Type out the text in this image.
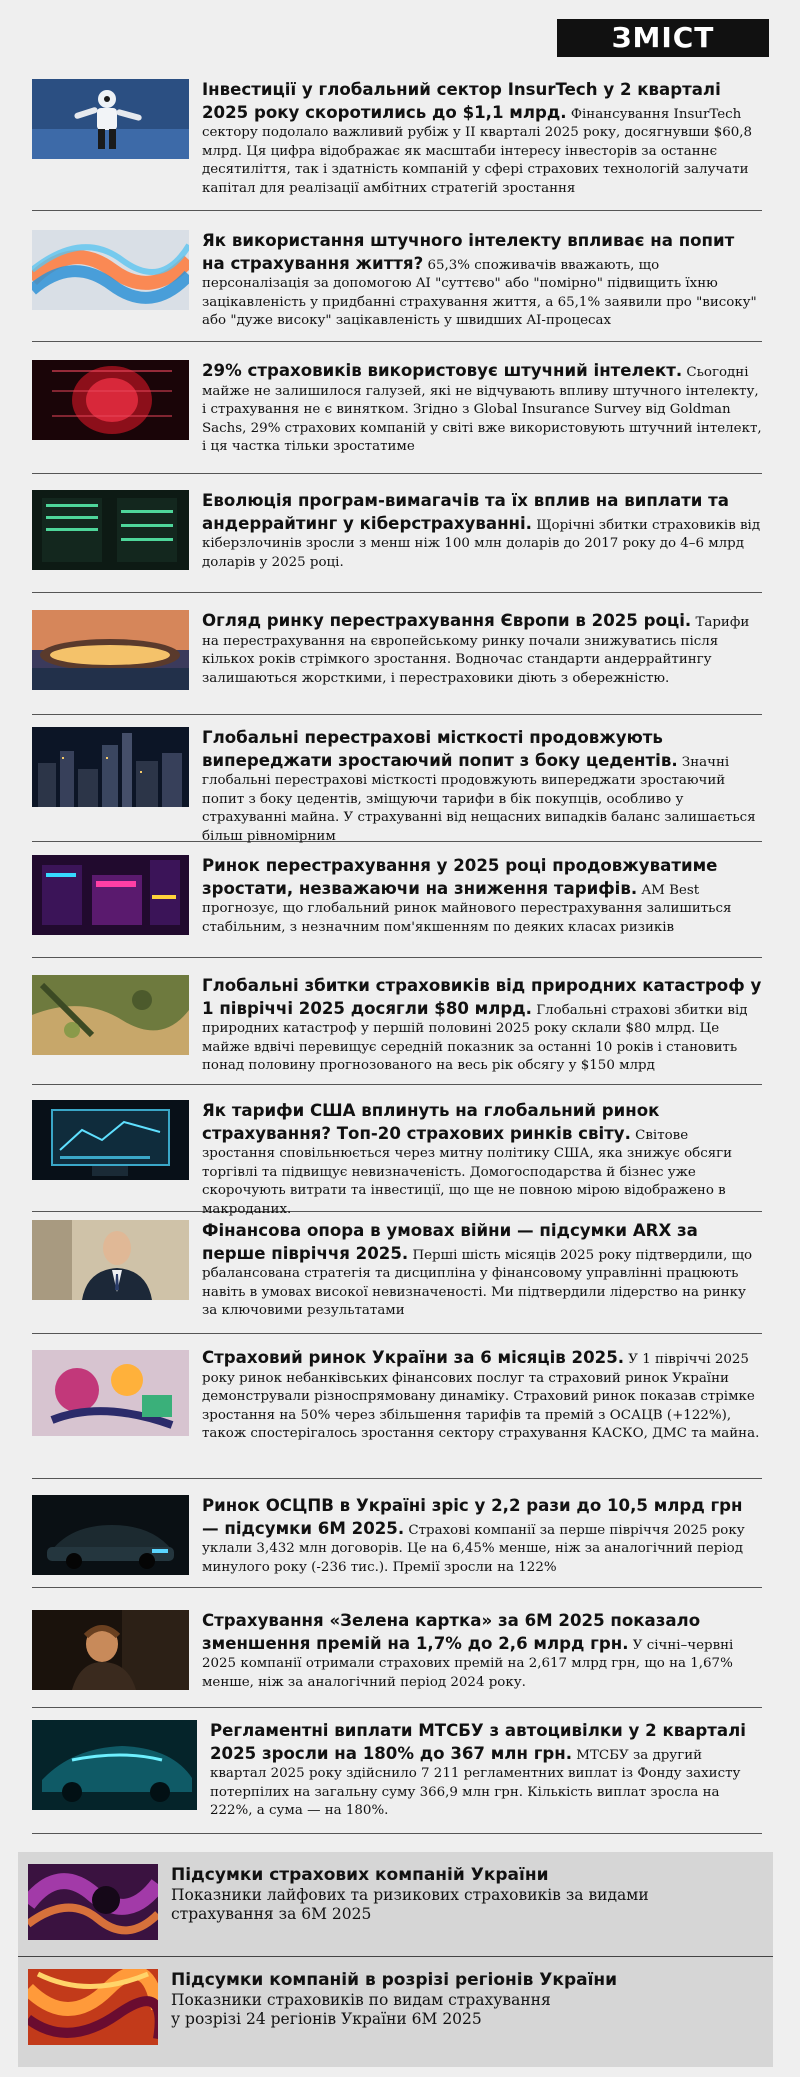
ЗМІСТ
Інвестиції у глобальний сектор InsurTech у 2 кварталі 2025 року скоротились до $1,1 млрд. Фінансування InsurTech сектору подолало важливий рубіж у II кварталі 2025 року, досягнувши $60,8 млрд. Ця цифра відображає як масштаби інтересу інвесторів за останнє десятиліття, так і здатність компаній у сфері страхових технологій залучати капітал для реалізації амбітних стратегій зростання
Як використання штучного інтелекту впливає на попит на страхування життя? 65,3% споживачів вважають, що персоналізація за допомогою AI "суттєво" або "помірно" підвищить їхню зацікавленість у придбанні страхування життя, а 65,1% заявили про "високу" або "дуже високу" зацікавленість у швидших AI-процесах
29% страховиків використовує штучний інтелект. Сьогодні майже не залишилося галузей, які не відчувають впливу штучного інтелекту, і страхування не є винятком. Згідно з Global Insurance Survey від Goldman Sachs, 29% страхових компаній у світі вже використовують штучний інтелект, і ця частка тільки зростатиме
Еволюція програм-вимагачів та їх вплив на виплати та андеррайтинг у кіберстрахуванні. Щорічні збитки страховиків від кіберзлочинів зросли з менш ніж 100 млн доларів до 2017 року до 4–6 млрд доларів у 2025 році.
Огляд ринку перестрахування Європи в 2025 році. Тарифи на перестрахування на європейському ринку почали знижуватись після кількох років стрімкого зростання. Водночас стандарти андеррайтингу залишаються жорсткими, і перестраховики діють з обережністю.
Глобальні перестрахові місткості продовжують випереджати зростаючий попит з боку цедентів. Значні глобальні перестрахові місткості продовжують випереджати зростаючий попит з боку цедентів, зміщуючи тарифи в бік покупців, особливо у страхуванні майна. У страхуванні від нещасних випадків баланс залишається більш рівномірним
Ринок перестрахування у 2025 році продовжуватиме зростати, незважаючи на зниження тарифів. AM Best прогнозує, що глобальний ринок майнового перестрахування залишиться стабільним, з незначним пом'якшенням по деяких класах ризиків
Глобальні збитки страховиків від природних катастроф у 1 півріччі 2025 досягли $80 млрд. Глобальні страхові збитки від природних катастроф у першій половині 2025 року склали $80 млрд. Це майже вдвічі перевищує середній показник за останні 10 років і становить понад половину прогнозованого на весь рік обсягу у $150 млрд
Як тарифи США вплинуть на глобальний ринок страхування? Топ-20 страхових ринків світу. Світове зростання сповільнюється через митну політику США, яка знижує обсяги торгівлі та підвищує невизначеність. Домогосподарства й бізнес уже скорочують витрати та інвестиції, що ще не повною мірою відображено в макроданих.
Фінансова опора в умовах війни — підсумки ARX за перше півріччя 2025. Перші шість місяців 2025 року підтвердили, що рбалансована стратегія та дисципліна у фінансовому управлінні працюють навіть в умовах високої невизначеності. Ми підтвердили лідерство на ринку за ключовими результатами
Страховий ринок України за 6 місяців 2025. У 1 півріччі 2025 року ринок небанківських фінансових послуг та страховий ринок України демонстрували різноспрямовану динаміку. Страховий ринок показав стрімке зростання на 50% через збільшення тарифів та премій з ОСАЦВ (+122%), також спостерігалось зростання сектору страхування КАСКО, ДМС та майна.
Ринок ОСЦПВ в Україні зріс у 2,2 рази до 10,5 млрд грн — підсумки 6М 2025. Страхові компанії за перше півріччя 2025 року уклали 3,432 млн договорів. Це на 6,45% менше, ніж за аналогічний період минулого року (-236 тис.). Премії зросли на 122%
Страхування «Зелена картка» за 6М 2025 показало зменшення премій на 1,7% до 2,6 млрд грн. У січні–червні 2025 компанії отримали страхових премій на 2,617 млрд грн, що на 1,67% менше, ніж за аналогічний період 2024 року.
Регламентні виплати МТСБУ з автоцивілки у 2 кварталі 2025 зросли на 180% до 367 млн грн. МТСБУ за другий квартал 2025 року здійснило 7 211 регламентних виплат із Фонду захисту потерпілих на загальну суму 366,9 млн грн. Кількість виплат зросла на 222%, а сума — на 180%.
Підсумки страхових компаній України
Показники лайфових та ризикових страховиків за видами
страхування за 6М 2025
Підсумки компаній в розрізі регіонів України
Показники страховиків по видам страхування
у розрізі 24 регіонів України 6М 2025
